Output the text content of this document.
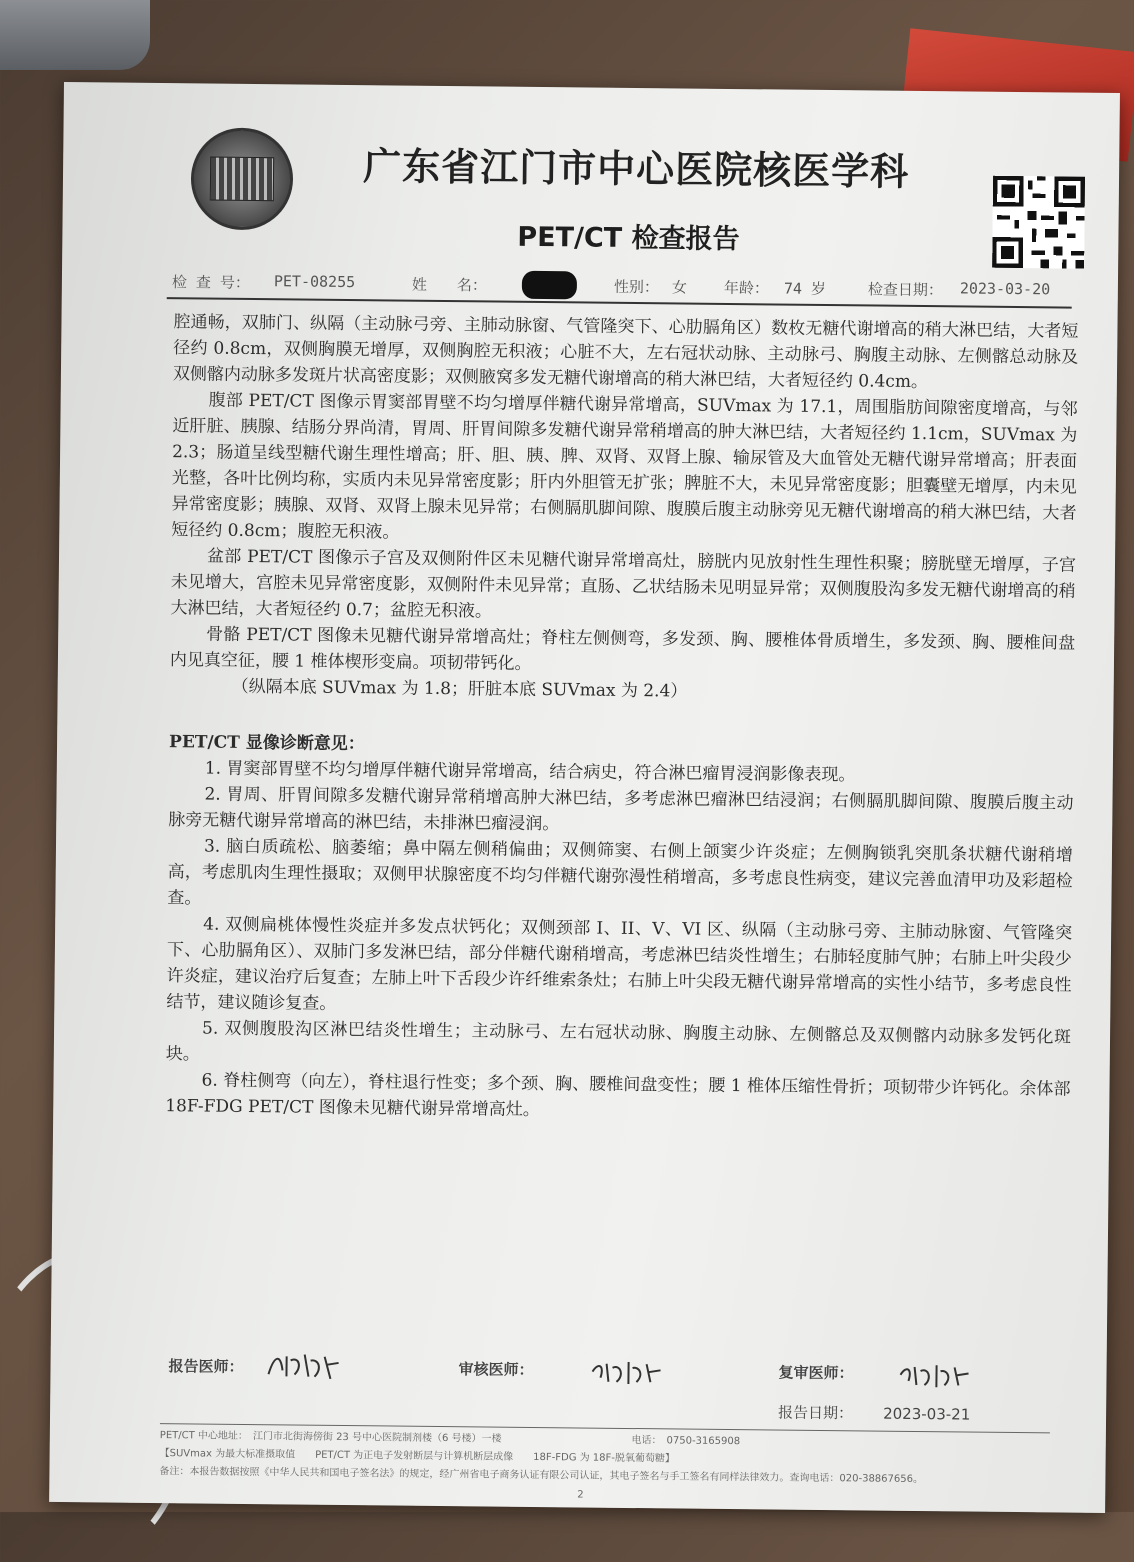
广东省江门市中心医院核医学科
PET/CT 检查报告
检 查 号： PET-08255	姓　　名：	性别： 女 年龄： 74 岁	检查日期： 2023-03-20

腔通畅，双肺门、纵隔（主动脉弓旁、主肺动脉窗、气管隆突下、心肋膈角区）数枚无糖代谢增高的稍大淋巴结，大者短径约 0.8cm，双侧胸膜无增厚，双侧胸腔无积液；心脏不大，左右冠状动脉、主动脉弓、胸腹主动脉、左侧髂总动脉及双侧髂内动脉多发斑片状高密度影；双侧腋窝多发无糖代谢增高的稍大淋巴结，大者短径约 0.4cm。

腹部 PET/CT 图像示胃窦部胃壁不均匀增厚伴糖代谢异常增高，SUVmax 为 17.1，周围脂肪间隙密度增高，与邻近肝脏、胰腺、结肠分界尚清，胃周、肝胃间隙多发糖代谢异常稍增高的肿大淋巴结，大者短径约 1.1cm，SUVmax 为 2.3；肠道呈线型糖代谢生理性增高；肝、胆、胰、脾、双肾、双肾上腺、输尿管及大血管处无糖代谢异常增高；肝表面光整，各叶比例均称，实质内未见异常密度影；肝内外胆管无扩张；脾脏不大，未见异常密度影；胆囊壁无增厚，内未见异常密度影；胰腺、双肾、双肾上腺未见异常；右侧膈肌脚间隙、腹膜后腹主动脉旁见无糖代谢增高的稍大淋巴结，大者短径约 0.8cm；腹腔无积液。

盆部 PET/CT 图像示子宫及双侧附件区未见糖代谢异常增高灶，膀胱内见放射性生理性积聚；膀胱壁无增厚，子宫未见增大，宫腔未见异常密度影，双侧附件未见异常；直肠、乙状结肠未见明显异常；双侧腹股沟多发无糖代谢增高的稍大淋巴结，大者短径约 0.7；盆腔无积液。

骨骼 PET/CT 图像未见糖代谢异常增高灶；脊柱左侧侧弯，多发颈、胸、腰椎体骨质增生，多发颈、胸、腰椎间盘内见真空征，腰 1 椎体楔形变扁。项韧带钙化。

（纵隔本底 SUVmax 为 1.8；肝脏本底 SUVmax 为 2.4）

PET/CT 显像诊断意见：

1. 胃窦部胃壁不均匀增厚伴糖代谢异常增高，结合病史，符合淋巴瘤胃浸润影像表现。

2. 胃周、肝胃间隙多发糖代谢异常稍增高肿大淋巴结，多考虑淋巴瘤淋巴结浸润；右侧膈肌脚间隙、腹膜后腹主动脉旁无糖代谢异常增高的淋巴结，未排淋巴瘤浸润。

3. 脑白质疏松、脑萎缩；鼻中隔左侧稍偏曲；双侧筛窦、右侧上颌窦少许炎症；左侧胸锁乳突肌条状糖代谢稍增高，考虑肌肉生理性摄取；双侧甲状腺密度不均匀伴糖代谢弥漫性稍增高，多考虑良性病变，建议完善血清甲功及彩超检查。

4. 双侧扁桃体慢性炎症并多发点状钙化；双侧颈部 I、II、V、VI 区、纵隔（主动脉弓旁、主肺动脉窗、气管隆突下、心肋膈角区）、双肺门多发淋巴结，部分伴糖代谢稍增高，考虑淋巴结炎性增生；右肺轻度肺气肿；右肺上叶尖段少许炎症，建议治疗后复查；左肺上叶下舌段少许纤维索条灶；右肺上叶尖段无糖代谢异常增高的实性小结节，多考虑良性结节，建议随诊复查。

5. 双侧腹股沟区淋巴结炎性增生；主动脉弓、左右冠状动脉、胸腹主动脉、左侧髂总及双侧髂内动脉多发钙化斑块。

6. 脊柱侧弯（向左），脊柱退行性变；多个颈、胸、腰椎间盘变性；腰 1 椎体压缩性骨折；项韧带少许钙化。余体部 18F-FDG PET/CT 图像未见糖代谢异常增高灶。

报告医师：	审核医师：	复审医师：
报告日期： 2023-03-21
PET/CT 中心地址：　江门市北街海傍街 23 号中心医院制剂楼（6 号楼）一楼　　　　　　　　　　　　　电话：　0750-3165908
【SUVmax 为最大标准摄取值　　PET/CT 为正电子发射断层与计算机断层成像　　18F-FDG 为 18F-脱氧葡萄糖】
备注：本报告数据按照《中华人民共和国电子签名法》的规定，经广州省电子商务认证有限公司认证，其电子签名与手工签名有同样法律效力。查询电话：020-38867656。
2
